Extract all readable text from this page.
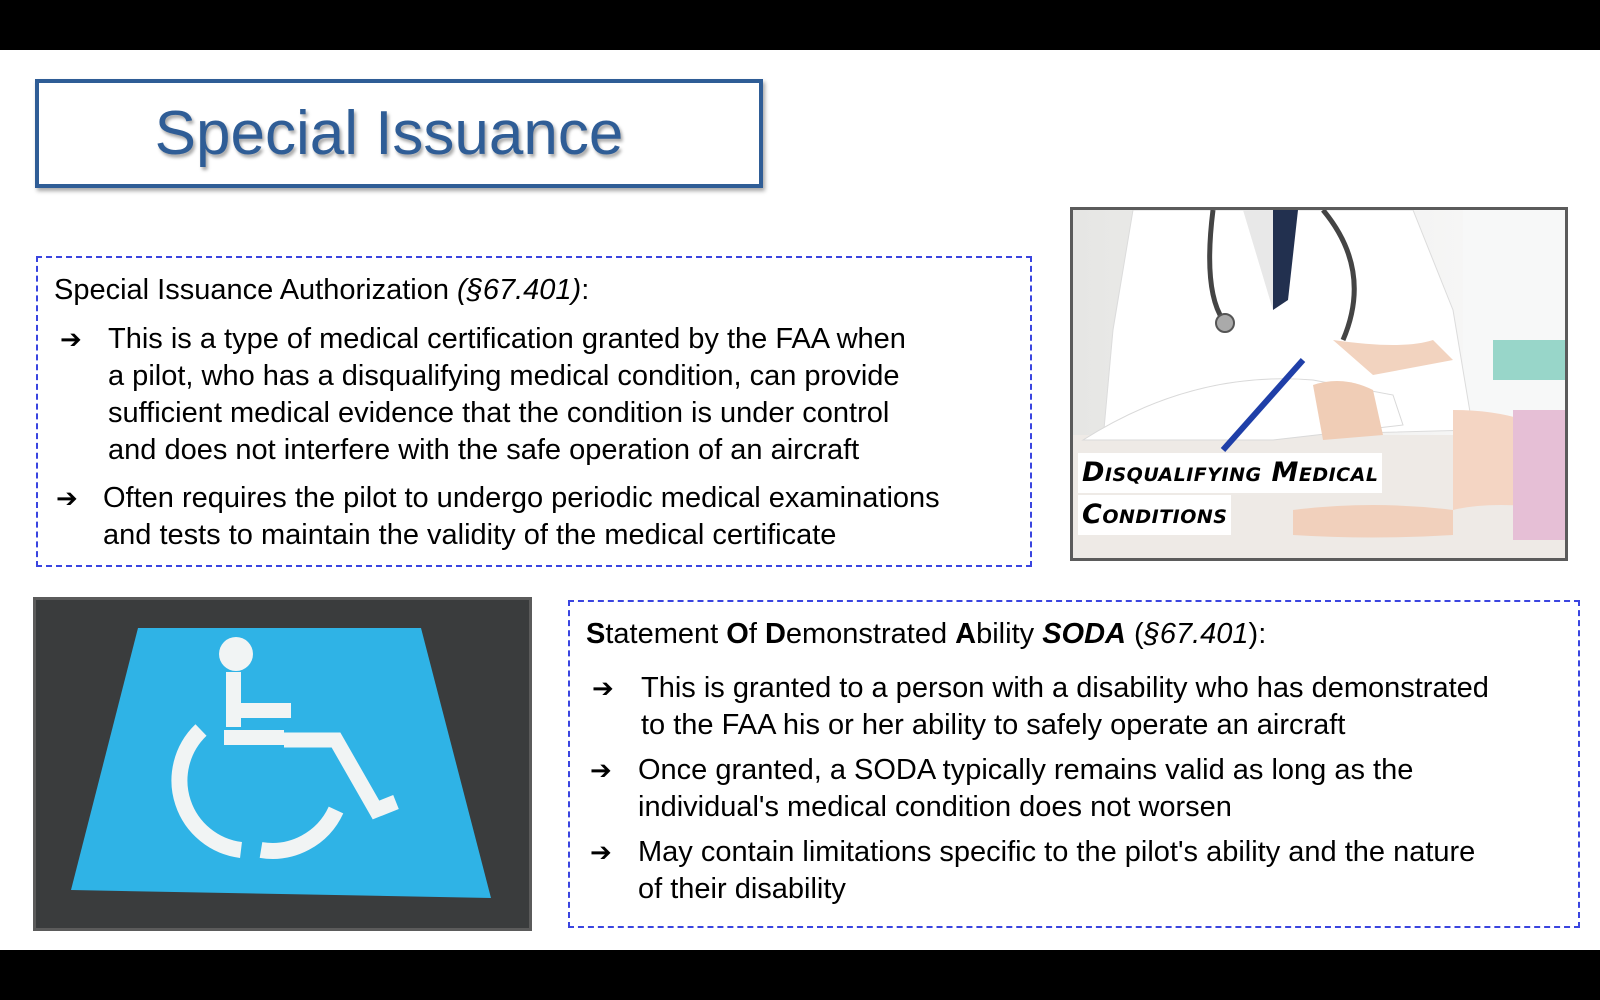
Special Issuance
Special Issuance Authorization (§67.401):
➔ This is a type of medical certification granted by the FAA when
a pilot, who has a disqualifying medical condition, can provide
sufficient medical evidence that the condition is under control
and does not interfere with the safe operation of an aircraft
➔ Often requires the pilot to undergo periodic medical examinations
and tests to maintain the validity of the medical certificate
Disqualifying Medical
Conditions
Statement Of Demonstrated Ability SODA (§67.401):
➔ This is granted to a person with a disability who has demonstrated
to the FAA his or her ability to safely operate an aircraft
➔ Once granted, a SODA typically remains valid as long as the
individual's medical condition does not worsen
➔ May contain limitations specific to the pilot's ability and the nature
of their disability
